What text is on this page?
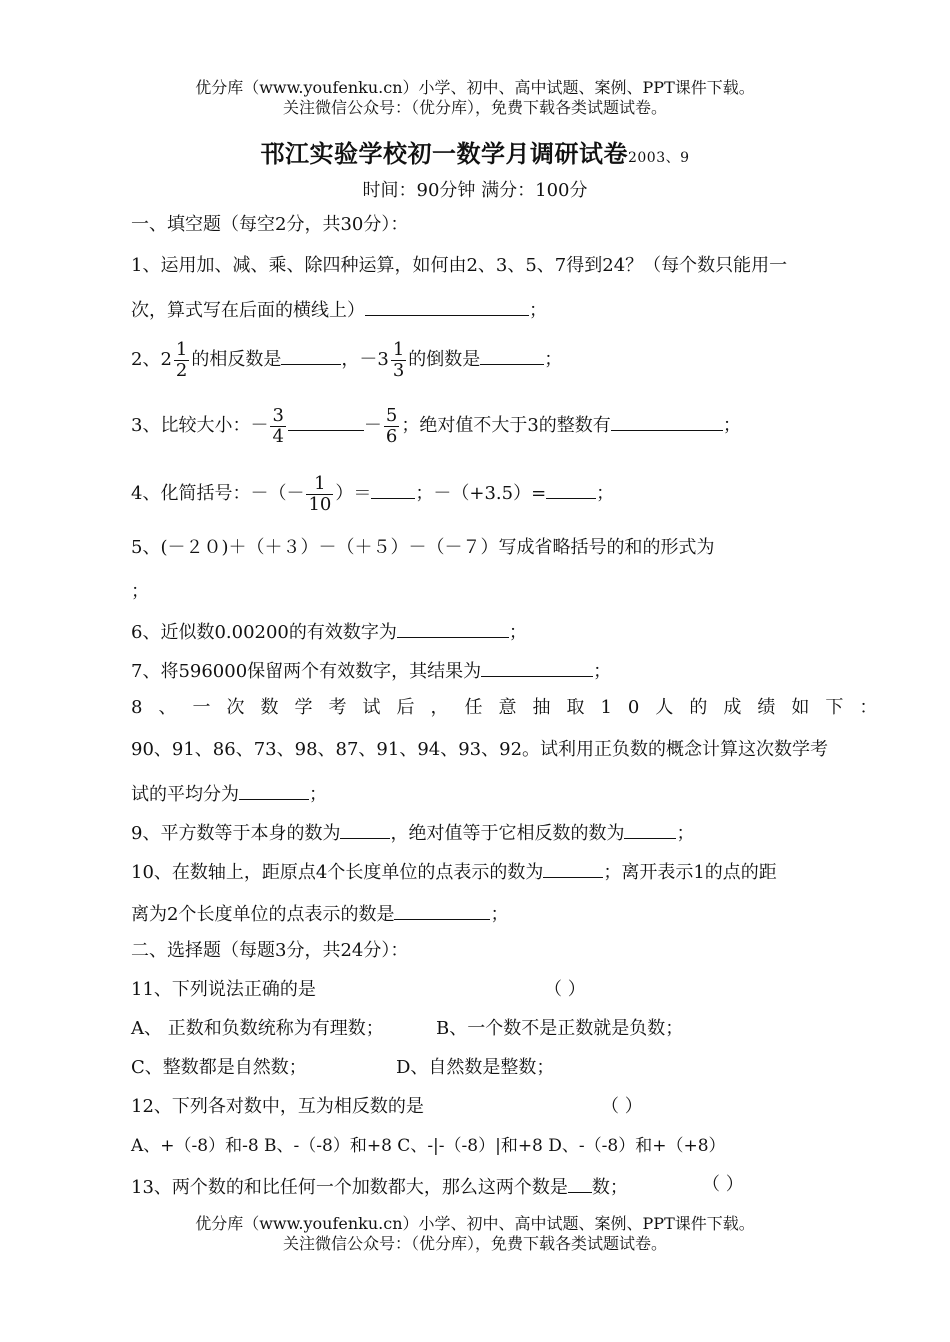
优分库（www.youfenku.cn）小学、初中、高中试题、案例、PPT课件下载。
关注微信公众号：（优分库），免费下载各类试题试卷。
邗江实验学校初一数学月调研试卷2003、9
时间：90分钟 满分：100分
一、填空题（每空2分，共30分）：
1、运用加、减、乘、除四种运算，如何由2、3、5、7得到24？（每个数只能用一
次，算式写在后面的横线上）	；
2、$2 \frac{1}{2}$ 的相反数是	，$-3 \frac{1}{3}$ 的倒数是	；
3、比较大小：－ $\frac{3}{4}$	－ $\frac{5}{6}$ ；绝对值不大于3的整数有	；
4、化简括号：－（－ $\frac{1}{10}$ ）＝ ；－（+3.5）=	；
5、(－２０)＋（＋３）－（＋５）－（－７）写成省略括号的和的形式为
；
6、近似数0.00200的有效数字为	；
7、将596000保留两个有效数字，其结果为	；
8、一次数学考试后，任意抽取10人的成绩如下：
90、91、86、73、98、87、91、94、93、92。试利用正负数的概念计算这次数学考
试的平均分为	；
9、平方数等于本身的数为	，绝对值等于它相反数的数为	；
10、在数轴上，距原点4个长度单位的点表示的数为	；离开表示1的点的距
离为2个长度单位的点表示的数是	；
二、选择题（每题3分，共24分）：
11、下列说法正确的是	（ ）
A、 正数和负数统称为有理数；	B、一个数不是正数就是负数；
C、整数都是自然数；	D、自然数是整数；
12、下列各对数中，互为相反数的是	（ ）
A、+（-8）和-8 B、-（-8）和+8 C、-|-（-8）|和+8 D、-（-8）和+（+8）
13、两个数的和比任何一个加数都大，那么这两个数是 数；	（ ）
优分库（www.youfenku.cn）小学、初中、高中试题、案例、PPT课件下载。
关注微信公众号：（优分库），免费下载各类试题试卷。
